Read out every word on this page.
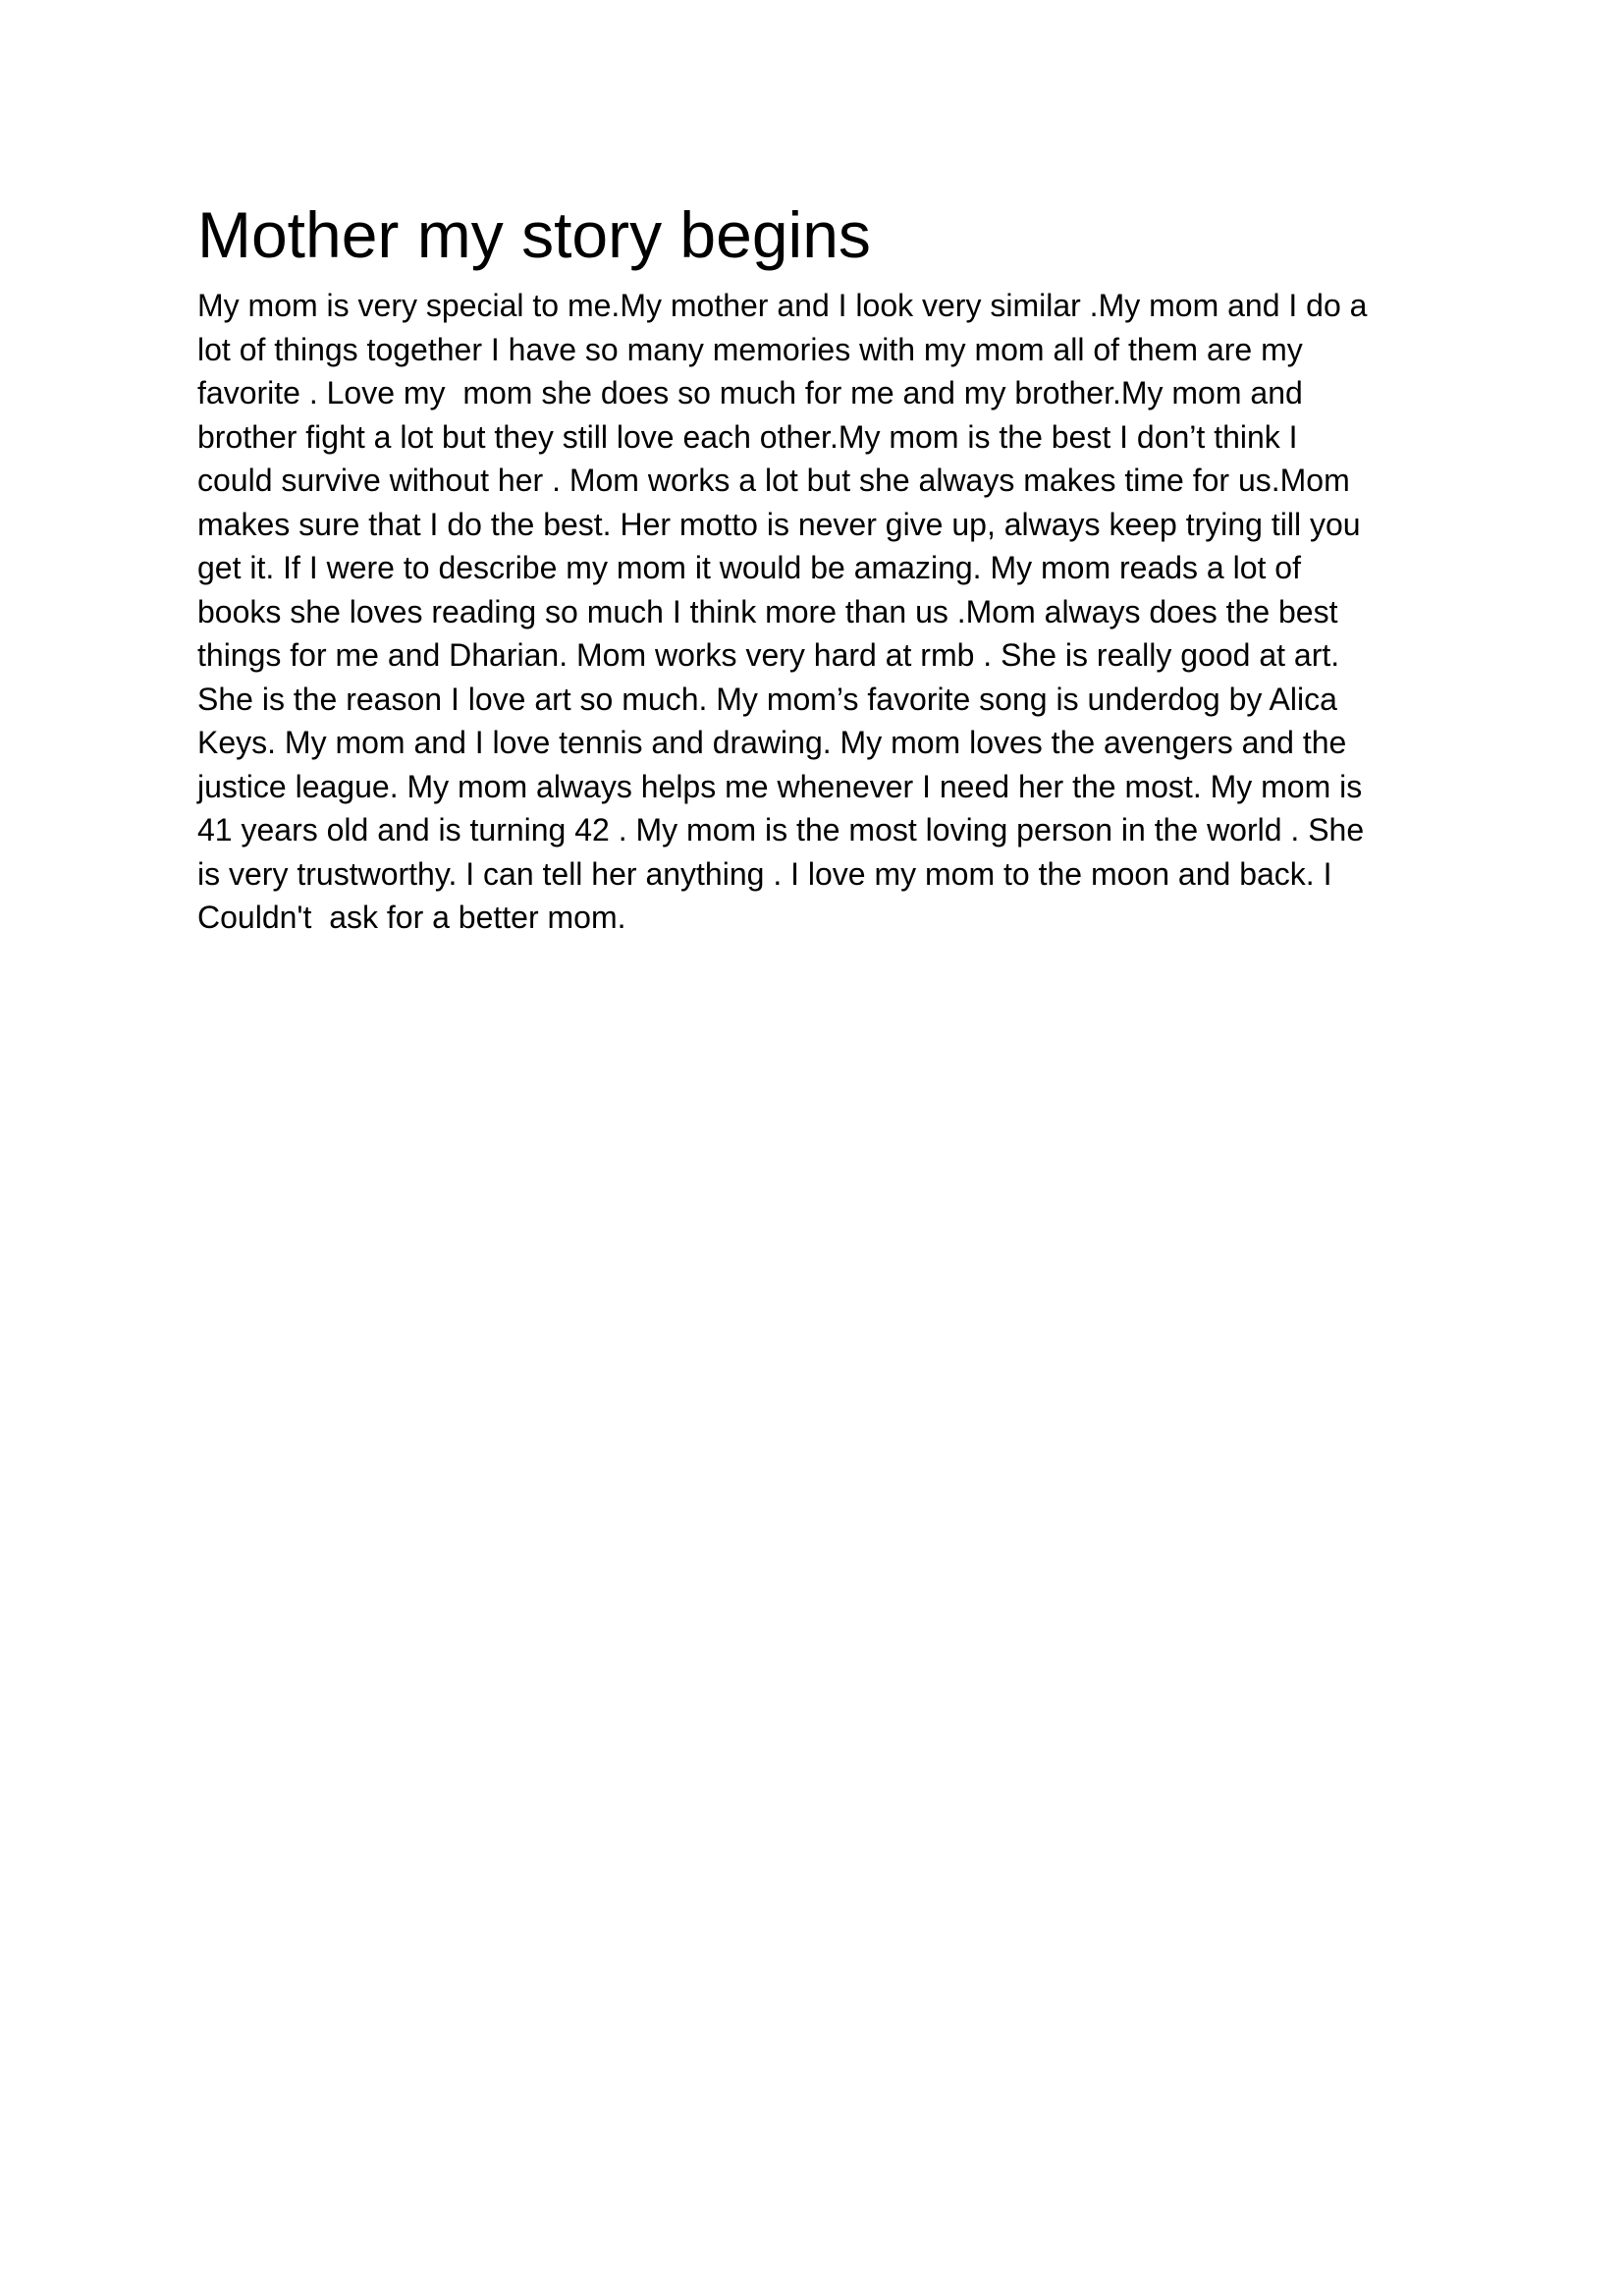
Mother my story begins
My mom is very special to me.My mother and I look very similar .My mom and I do a
lot of things together I have so many memories with my mom all of them are my
favorite . Love my  mom she does so much for me and my brother.My mom and
brother fight a lot but they still love each other.My mom is the best I don’t think I
could survive without her . Mom works a lot but she always makes time for us.Mom
makes sure that I do the best. Her motto is never give up, always keep trying till you
get it. If I were to describe my mom it would be amazing. My mom reads a lot of
books she loves reading so much I think more than us .Mom always does the best
things for me and Dharian. Mom works very hard at rmb . She is really good at art.
She is the reason I love art so much. My mom’s favorite song is underdog by Alica
Keys. My mom and I love tennis and drawing. My mom loves the avengers and the
justice league. My mom always helps me whenever I need her the most. My mom is
41 years old and is turning 42 . My mom is the most loving person in the world . She
is very trustworthy. I can tell her anything . I love my mom to the moon and back. I
Couldn't  ask for a better mom.
